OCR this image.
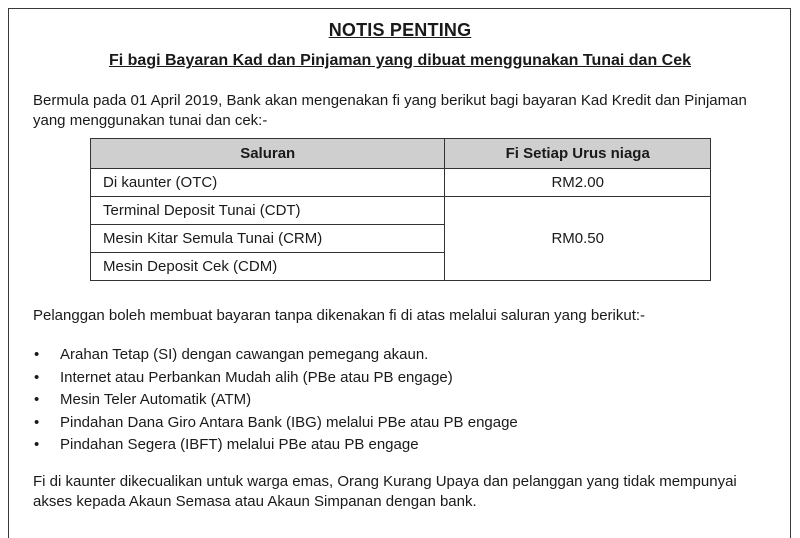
NOTIS PENTING
Fi bagi Bayaran Kad dan Pinjaman yang dibuat menggunakan Tunai dan Cek
Bermula pada 01 April 2019, Bank akan mengenakan fi yang berikut bagi bayaran Kad Kredit dan Pinjaman
yang menggunakan tunai dan cek:-
Saluran	Fi Setiap Urus niaga
Di kaunter (OTC)	RM2.00
Terminal Deposit Tunai (CDT)	RM0.50
Mesin Kitar Semula Tunai (CRM)	
Mesin Deposit Cek (CDM)	
Pelanggan boleh membuat bayaran tanpa dikenakan fi di atas melalui saluran yang berikut:-
• Arahan Tetap (SI) dengan cawangan pemegang akaun.
• Internet atau Perbankan Mudah alih (PBe atau PB engage)
• Mesin Teler Automatik (ATM)
• Pindahan Dana Giro Antara Bank (IBG) melalui PBe atau PB engage
• Pindahan Segera (IBFT) melalui PBe atau PB engage
Fi di kaunter dikecualikan untuk warga emas, Orang Kurang Upaya dan pelanggan yang tidak mempunyai
akses kepada Akaun Semasa atau Akaun Simpanan dengan bank.
